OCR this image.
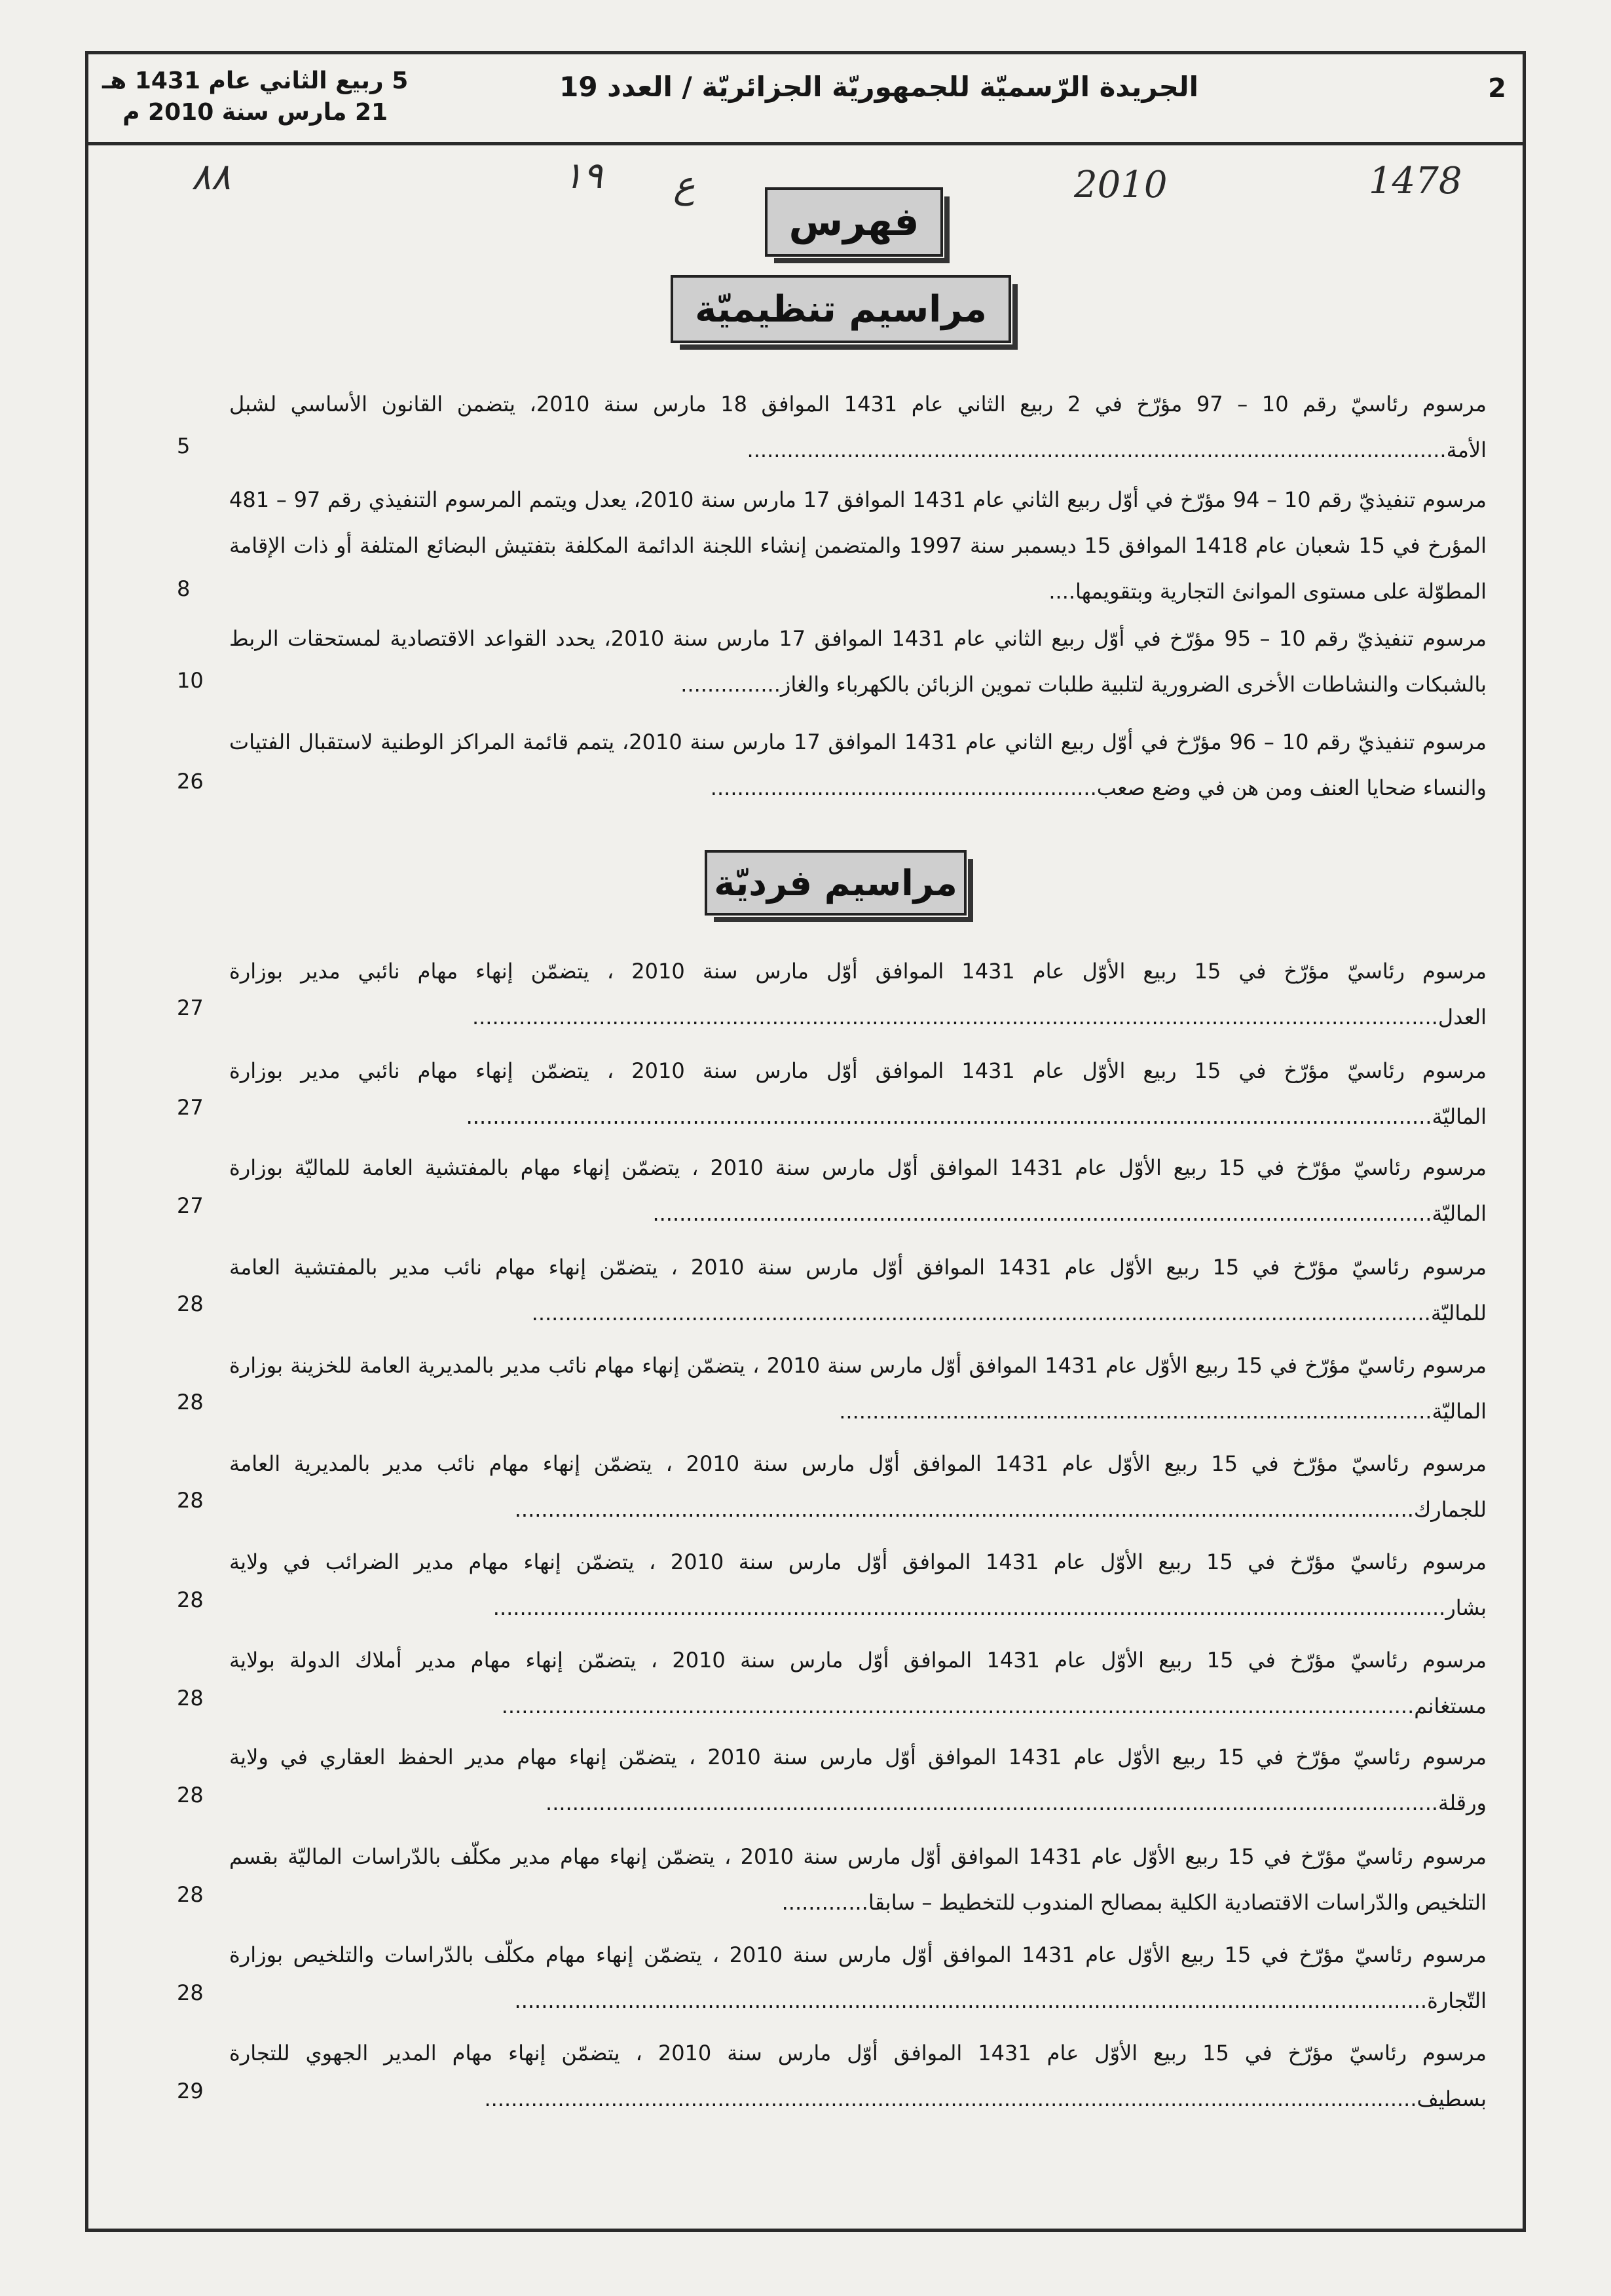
2
الجريدة الرّسميّة للجمهوريّة الجزائريّة / العدد 19
5 ربيع الثاني عام 1431 هـ
21 مارس سنة 2010 م
٨٨	١٩ ع	2010	1478
فهرس
مراسيم تنظيميّة
مرسوم رئاسيّ رقم 10 – 97 مؤرّخ في 2 ربيع الثاني عام 1431 الموافق 18 مارس سنة 2010، يتضمن القانون الأساسي لشبل الأمة.........................................................................................................
5
مرسوم تنفيذيّ رقم 10 – 94 مؤرّخ في أوّل ربيع الثاني عام 1431 الموافق 17 مارس سنة 2010، يعدل ويتمم المرسوم التنفيذي رقم 97 – 481 المؤرخ في 15 شعبان عام 1418 الموافق 15 ديسمبر سنة 1997 والمتضمن إنشاء اللجنة الدائمة المكلفة بتفتيش البضائع المتلفة أو ذات الإقامة المطوّلة على مستوى الموانئ التجارية وبتقويمها....
8
مرسوم تنفيذيّ رقم 10 – 95 مؤرّخ في أوّل ربيع الثاني عام 1431 الموافق 17 مارس سنة 2010، يحدد القواعد الاقتصادية لمستحقات الربط بالشبكات والنشاطات الأخرى الضرورية لتلبية طلبات تموين الزبائن بالكهرباء والغاز...............
10
مرسوم تنفيذيّ رقم 10 – 96 مؤرّخ في أوّل ربيع الثاني عام 1431 الموافق 17 مارس سنة 2010، يتمم قائمة المراكز الوطنية لاستقبال الفتيات والنساء ضحايا العنف ومن هن في وضع صعب..........................................................
26
مراسيم فرديّة
مرسوم رئاسيّ مؤرّخ في 15 ربيع الأوّل عام 1431 الموافق أوّل مارس سنة 2010 ، يتضمّن إنهاء مهام نائبي مدير بوزارة العدل.................................................................................................................................................
27
مرسوم رئاسيّ مؤرّخ في 15 ربيع الأوّل عام 1431 الموافق أوّل مارس سنة 2010 ، يتضمّن إنهاء مهام نائبي مدير بوزارة الماليّة.................................................................................................................................................
27
مرسوم رئاسيّ مؤرّخ في 15 ربيع الأوّل عام 1431 الموافق أوّل مارس سنة 2010 ، يتضمّن إنهاء مهام بالمفتشية العامة للماليّة بوزارة الماليّة.....................................................................................................................
27
مرسوم رئاسيّ مؤرّخ في 15 ربيع الأوّل عام 1431 الموافق أوّل مارس سنة 2010 ، يتضمّن إنهاء مهام نائب مدير بالمفتشية العامة للماليّة.......................................................................................................................................
28
مرسوم رئاسيّ مؤرّخ في 15 ربيع الأوّل عام 1431 الموافق أوّل مارس سنة 2010 ، يتضمّن إنهاء مهام نائب مدير بالمديرية العامة للخزينة بوزارة الماليّة.........................................................................................
28
مرسوم رئاسيّ مؤرّخ في 15 ربيع الأوّل عام 1431 الموافق أوّل مارس سنة 2010 ، يتضمّن إنهاء مهام نائب مدير بالمديرية العامة للجمارك.......................................................................................................................................
28
مرسوم رئاسيّ مؤرّخ في 15 ربيع الأوّل عام 1431 الموافق أوّل مارس سنة 2010 ، يتضمّن إنهاء مهام مدير الضرائب في ولاية بشار...............................................................................................................................................
28
مرسوم رئاسيّ مؤرّخ في 15 ربيع الأوّل عام 1431 الموافق أوّل مارس سنة 2010 ، يتضمّن إنهاء مهام مدير أملاك الدولة بولاية مستغانم.........................................................................................................................................
28
مرسوم رئاسيّ مؤرّخ في 15 ربيع الأوّل عام 1431 الموافق أوّل مارس سنة 2010 ، يتضمّن إنهاء مهام مدير الحفظ العقاري في ولاية ورقلة......................................................................................................................................
28
مرسوم رئاسيّ مؤرّخ في 15 ربيع الأوّل عام 1431 الموافق أوّل مارس سنة 2010 ، يتضمّن إنهاء مهام مدير مكلّف بالدّراسات الماليّة بقسم التلخيص والدّراسات الاقتصادية الكلية بمصالح المندوب للتخطيط – سابقا.............
28
مرسوم رئاسيّ مؤرّخ في 15 ربيع الأوّل عام 1431 الموافق أوّل مارس سنة 2010 ، يتضمّن إنهاء مهام مكلّف بالدّراسات والتلخيص بوزارة التّجارة.........................................................................................................................................
28
مرسوم رئاسيّ مؤرّخ في 15 ربيع الأوّل عام 1431 الموافق أوّل مارس سنة 2010 ، يتضمّن إنهاء مهام المدير الجهوي للتجارة بسطيف............................................................................................................................................
29
